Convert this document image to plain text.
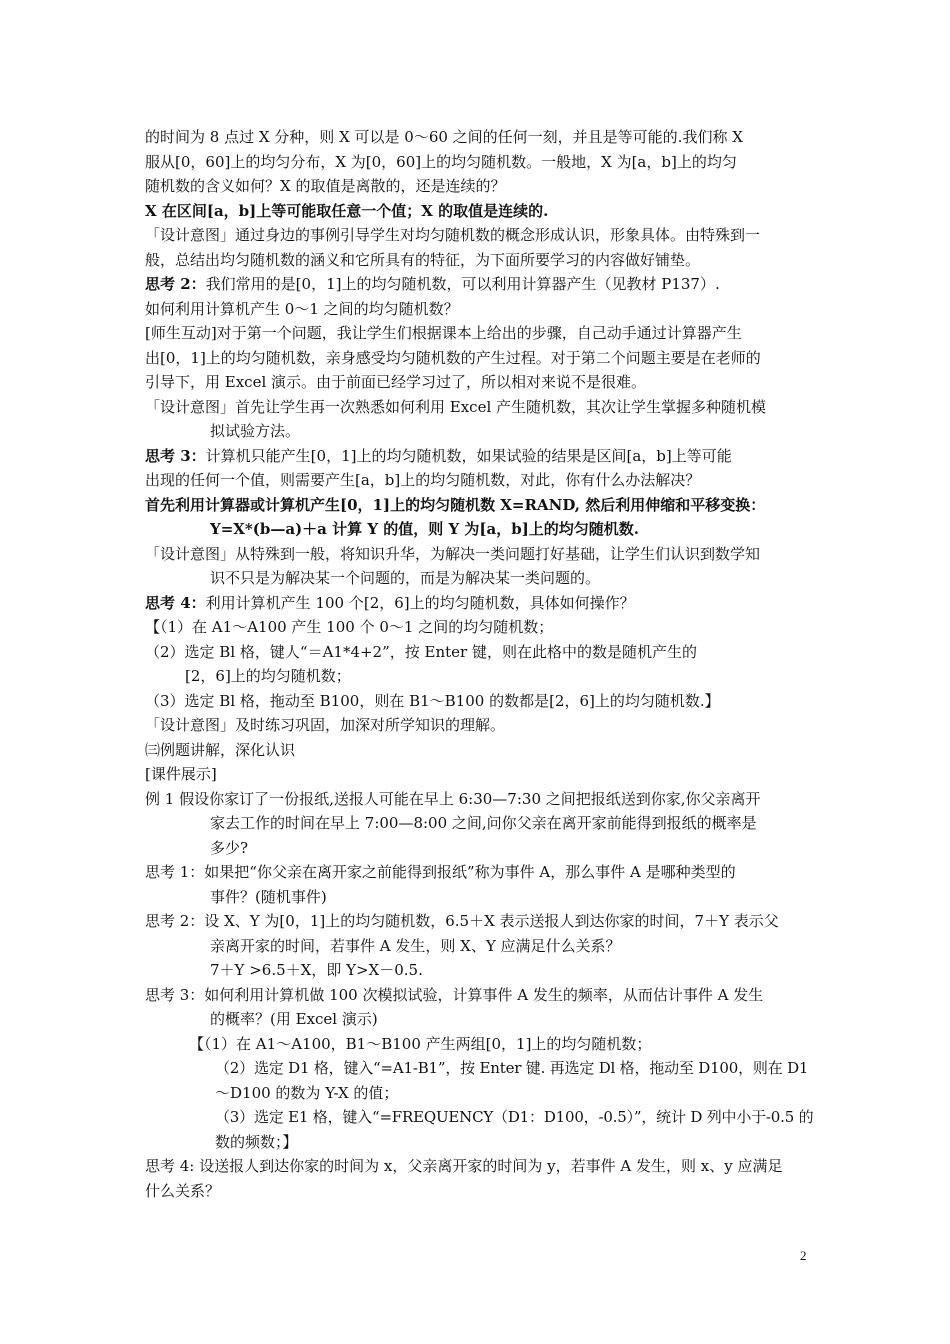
的时间为 8 点过 X 分种，则 X 可以是 0～60 之间的任何一刻，并且是等可能的.我们称 X
服从[0，60]上的均匀分布，X 为[0，60]上的均匀随机数。一般地，X 为[a，b]上的均匀
随机数的含义如何？X 的取值是离散的，还是连续的？
X 在区间[a，b]上等可能取任意一个值；X 的取值是连续的.
「设计意图」通过身边的事例引导学生对均匀随机数的概念形成认识，形象具体。由特殊到一
般，总结出均匀随机数的涵义和它所具有的特征，为下面所要学习的内容做好铺垫。
思考 2：我们常用的是[0，1]上的均匀随机数，可以利用计算器产生（见教材 P137）.
如何利用计算机产生 0～1 之间的均匀随机数？
[师生互动]对于第一个问题，我让学生们根据课本上给出的步骤，自己动手通过计算器产生
出[0，1]上的均匀随机数，亲身感受均匀随机数的产生过程。对于第二个问题主要是在老师的
引导下，用 Excel 演示。由于前面已经学习过了，所以相对来说不是很难。
「设计意图」首先让学生再一次熟悉如何利用 Excel 产生随机数，其次让学生掌握多种随机模
拟试验方法。
思考 3：计算机只能产生[0，1]上的均匀随机数，如果试验的结果是区间[a，b]上等可能
出现的任何一个值，则需要产生[a，b]上的均匀随机数，对此，你有什么办法解决？
首先利用计算器或计算机产生[0，1]上的均匀随机数 X=RAND, 然后利用伸缩和平移变换：
Y=X*(b—a)＋a 计算 Y 的值，则 Y 为[a，b]上的均匀随机数.
「设计意图」从特殊到一般，将知识升华，为解决一类问题打好基础，让学生们认识到数学知
识不只是为解决某一个问题的，而是为解决某一类问题的。
思考 4：利用计算机产生 100 个[2，6]上的均匀随机数，具体如何操作？
【（1）在 A1～A100 产生 100 个 0～1 之间的均匀随机数；
（2）选定 Bl 格，键人“＝A1*4+2”，按 Enter 键，则在此格中的数是随机产生的
[2，6]上的均匀随机数；
（3）选定 Bl 格，拖动至 B100，则在 B1～B100 的数都是[2，6]上的均匀随机数.】
「设计意图」及时练习巩固，加深对所学知识的理解。
㈢例题讲解，深化认识
[课件展示]
例 1 假设你家订了一份报纸,送报人可能在早上 6:30—7:30 之间把报纸送到你家,你父亲离开
家去工作的时间在早上 7:00—8:00 之间,问你父亲在离开家前能得到报纸的概率是
多少?
思考 1：如果把“你父亲在离开家之前能得到报纸”称为事件 A，那么事件 A 是哪种类型的
事件？(随机事件)
思考 2：设 X、Y 为[0，1]上的均匀随机数，6.5＋X 表示送报人到达你家的时间，7＋Y 表示父
亲离开家的时间，若事件 A 发生，则 X、Y 应满足什么关系？
7＋Y >6.5＋X，即 Y>X－0.5.
思考 3：如何利用计算机做 100 次模拟试验，计算事件 A 发生的频率，从而估计事件 A 发生
的概率？(用 Excel 演示)
【（1）在 A1～A100，B1～B100 产生两组[0，1]上的均匀随机数；
（2）选定 D1 格，键入“=A1-B1”，按 Enter 键. 再选定 Dl 格，拖动至 D100，则在 D1
～D100 的数为 Y-X 的值；
（3）选定 E1 格，键入“=FREQUENCY（D1：D100，-0.5）”，统计 D 列中小于-0.5 的
数的频数；】
思考 4: 设送报人到达你家的时间为 x，父亲离开家的时间为 y，若事件 A 发生，则 x、y 应满足
什么关系？
2
